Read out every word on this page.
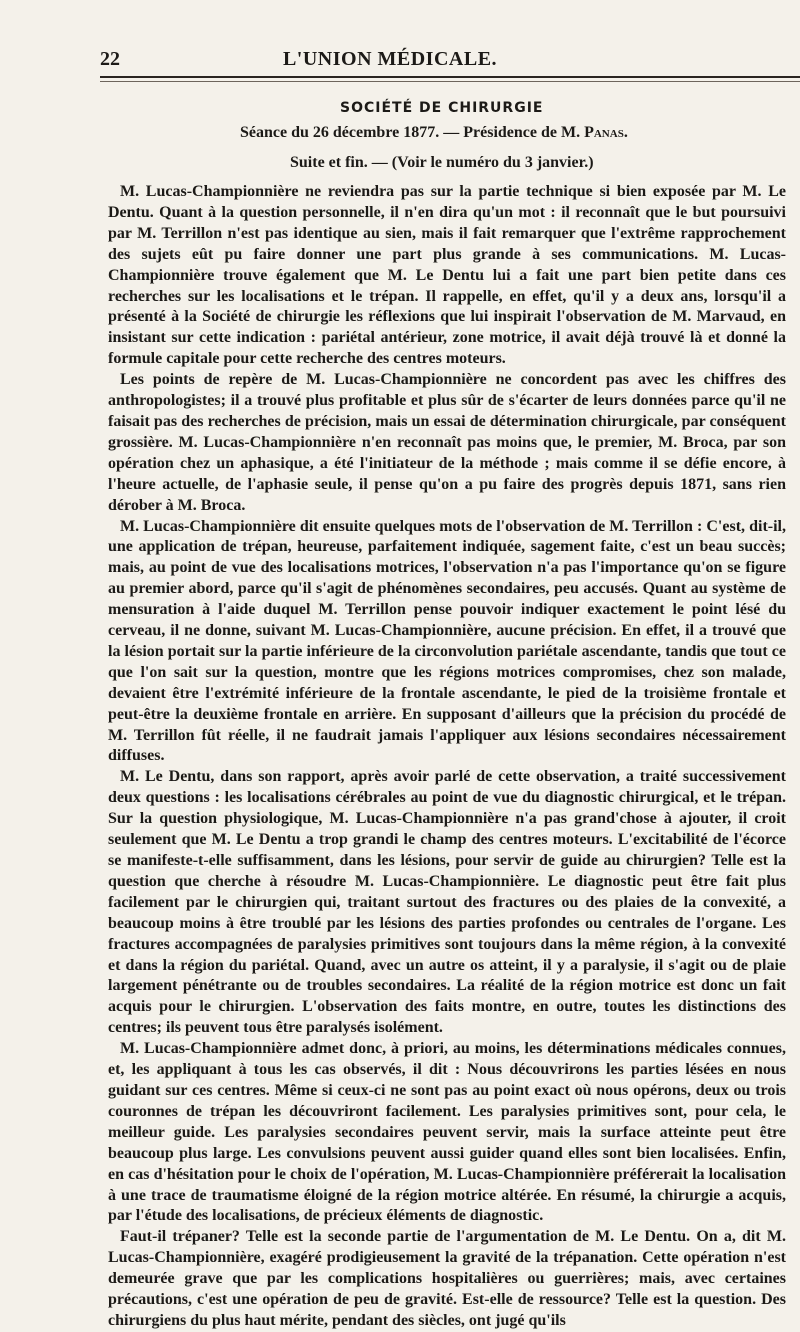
22	L'UNION MÉDICALE.
SOCIÉTÉ DE CHIRURGIE
Séance du 26 décembre 1877. — Présidence de M. Panas.
Suite et fin. — (Voir le numéro du 3 janvier.)

M. Lucas-Championnière ne reviendra pas sur la partie technique si bien exposée par M. Le Dentu. Quant à la question personnelle, il n'en dira qu'un mot : il reconnaît que le but poursuivi par M. Terrillon n'est pas identique au sien, mais il fait remarquer que l'extrême rapprochement des sujets eût pu faire donner une part plus grande à ses communications. M. Lucas-Championnière trouve également que M. Le Dentu lui a fait une part bien petite dans ces recherches sur les localisations et le trépan. Il rappelle, en effet, qu'il y a deux ans, lorsqu'il a présenté à la Société de chirurgie les réflexions que lui inspirait l'observation de M. Marvaud, en insistant sur cette indication : pariétal antérieur, zone motrice, il avait déjà trouvé là et donné la formule capitale pour cette recherche des centres moteurs.

Les points de repère de M. Lucas-Championnière ne concordent pas avec les chiffres des anthropologistes; il a trouvé plus profitable et plus sûr de s'écarter de leurs données parce qu'il ne faisait pas des recherches de précision, mais un essai de détermination chirurgicale, par conséquent grossière. M. Lucas-Championnière n'en reconnaît pas moins que, le premier, M. Broca, par son opération chez un aphasique, a été l'initiateur de la méthode ; mais comme il se défie encore, à l'heure actuelle, de l'aphasie seule, il pense qu'on a pu faire des progrès depuis 1871, sans rien dérober à M. Broca.

M. Lucas-Championnière dit ensuite quelques mots de l'observation de M. Terrillon : C'est, dit-il, une application de trépan, heureuse, parfaitement indiquée, sagement faite, c'est un beau succès; mais, au point de vue des localisations motrices, l'observation n'a pas l'importance qu'on se figure au premier abord, parce qu'il s'agit de phénomènes secondaires, peu accusés. Quant au système de mensuration à l'aide duquel M. Terrillon pense pouvoir indiquer exactement le point lésé du cerveau, il ne donne, suivant M. Lucas-Championnière, aucune précision. En effet, il a trouvé que la lésion portait sur la partie inférieure de la circonvolution pariétale ascendante, tandis que tout ce que l'on sait sur la question, montre que les régions motrices compromises, chez son malade, devaient être l'extrémité inférieure de la frontale ascendante, le pied de la troisième frontale et peut-être la deuxième frontale en arrière. En supposant d'ailleurs que la précision du procédé de M. Terrillon fût réelle, il ne faudrait jamais l'appliquer aux lésions secondaires nécessairement diffuses.

M. Le Dentu, dans son rapport, après avoir parlé de cette observation, a traité successivement deux questions : les localisations cérébrales au point de vue du diagnostic chirurgical, et le trépan. Sur la question physiologique, M. Lucas-Championnière n'a pas grand'chose à ajouter, il croit seulement que M. Le Dentu a trop grandi le champ des centres moteurs. L'excitabilité de l'écorce se manifeste-t-elle suffisamment, dans les lésions, pour servir de guide au chirurgien? Telle est la question que cherche à résoudre M. Lucas-Championnière. Le diagnostic peut être fait plus facilement par le chirurgien qui, traitant surtout des fractures ou des plaies de la convexité, a beaucoup moins à être troublé par les lésions des parties profondes ou centrales de l'organe. Les fractures accompagnées de paralysies primitives sont toujours dans la même région, à la convexité et dans la région du pariétal. Quand, avec un autre os atteint, il y a paralysie, il s'agit ou de plaie largement pénétrante ou de troubles secondaires. La réalité de la région motrice est donc un fait acquis pour le chirurgien. L'observation des faits montre, en outre, toutes les distinctions des centres; ils peuvent tous être paralysés isolément.

M. Lucas-Championnière admet donc, à priori, au moins, les déterminations médicales connues, et, les appliquant à tous les cas observés, il dit : Nous découvrirons les parties lésées en nous guidant sur ces centres. Même si ceux-ci ne sont pas au point exact où nous opérons, deux ou trois couronnes de trépan les découvriront facilement. Les paralysies primitives sont, pour cela, le meilleur guide. Les paralysies secondaires peuvent servir, mais la surface atteinte peut être beaucoup plus large. Les convulsions peuvent aussi guider quand elles sont bien localisées. Enfin, en cas d'hésitation pour le choix de l'opération, M. Lucas-Championnière préférerait la localisation à une trace de traumatisme éloigné de la région motrice altérée. En résumé, la chirurgie a acquis, par l'étude des localisations, de précieux éléments de diagnostic.

Faut-il trépaner? Telle est la seconde partie de l'argumentation de M. Le Dentu. On a, dit M. Lucas-Championnière, exagéré prodigieusement la gravité de la trépanation. Cette opération n'est demeurée grave que par les complications hospitalières ou guerrières; mais, avec certaines précautions, c'est une opération de peu de gravité. Est-elle de ressource? Telle est la question. Des chirurgiens du plus haut mérite, pendant des siècles, ont jugé qu'ils
